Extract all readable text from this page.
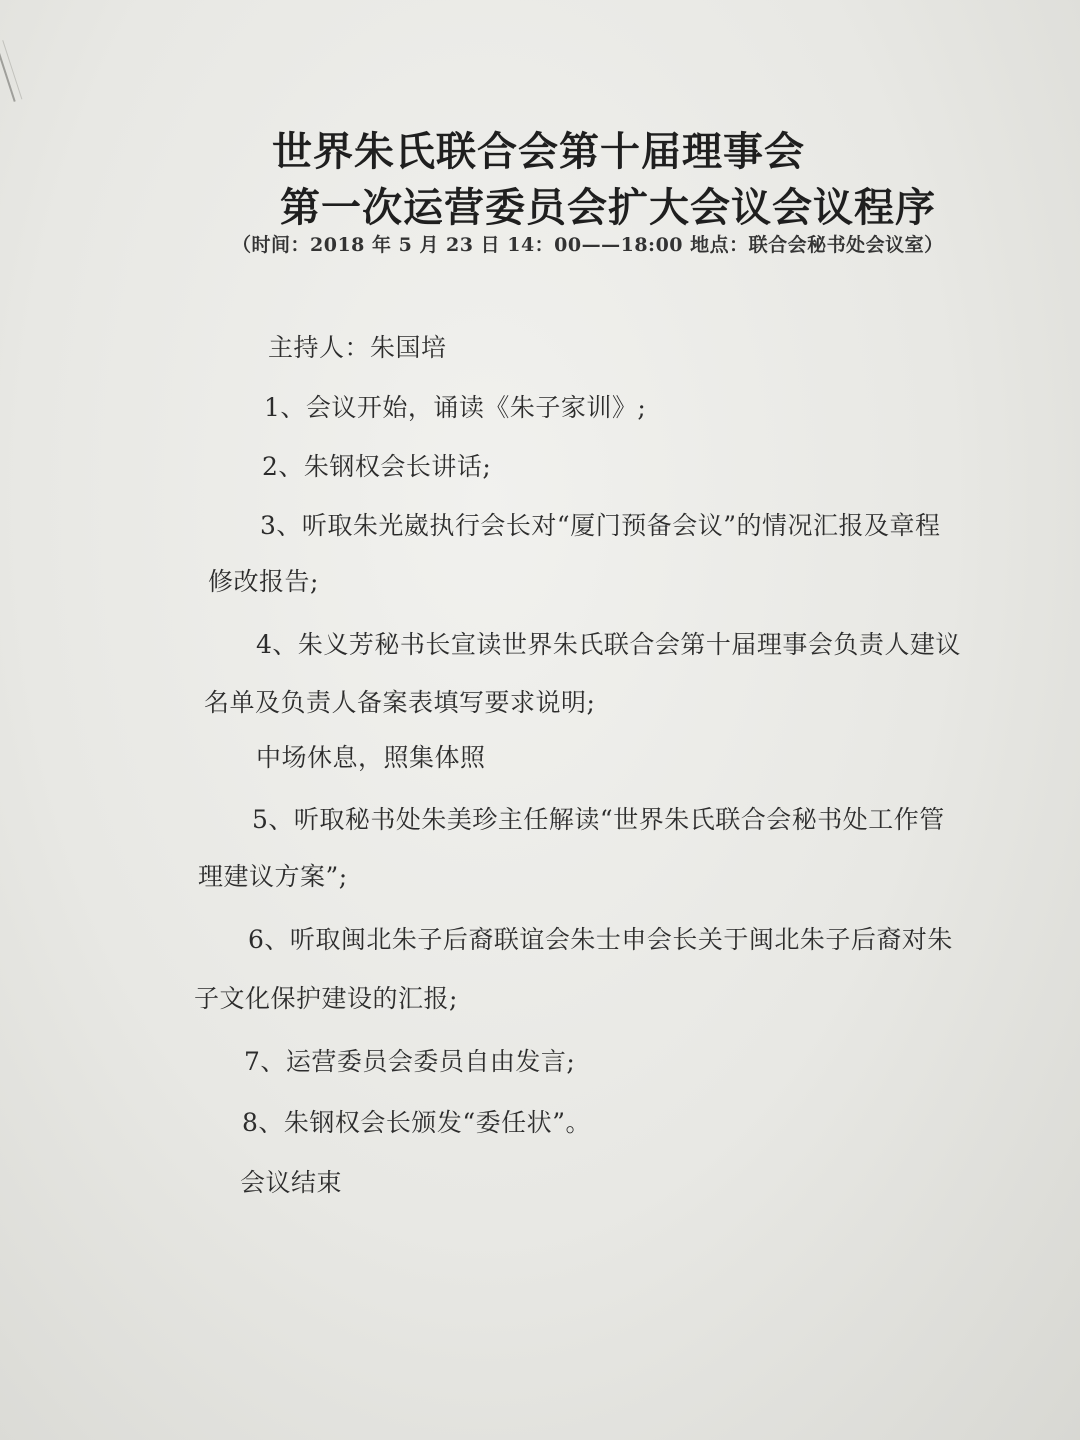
世界朱氏联合会第十届理事会
第一次运营委员会扩大会议会议程序
（时间：2018 年 5 月 23 日 14：00——18:00 地点：联合会秘书处会议室）
主持人：朱国培
1、会议开始，诵读《朱子家训》;
2、朱钢权会长讲话;
3、听取朱光崴执行会长对“厦门预备会议”的情况汇报及章程
修改报告;
4、朱义芳秘书长宣读世界朱氏联合会第十届理事会负责人建议
名单及负责人备案表填写要求说明;
中场休息，照集体照
5、听取秘书处朱美珍主任解读“世界朱氏联合会秘书处工作管
理建议方案”;
6、听取闽北朱子后裔联谊会朱士申会长关于闽北朱子后裔对朱
子文化保护建设的汇报;
7、运营委员会委员自由发言;
8、朱钢权会长颁发“委任状”。
会议结束
